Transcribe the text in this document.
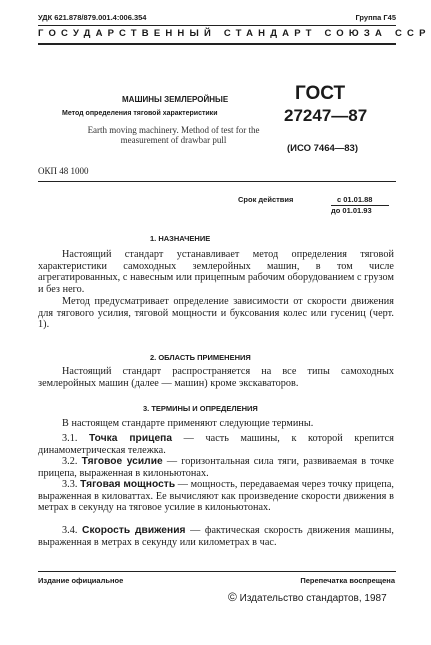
УДК 621.878/879.001.4:006.354	Группа Г45
ГОСУДАРСТВЕННЫЙ СТАНДАРТ СОЮЗА ССР
МАШИНЫ ЗЕМЛЕРОЙНЫЕ
Метод определения тяговой характеристики
Earth moving machinery. Method of test for the measurement of drawbar pull
ГОСТ
27247—87
(ИСО 7464—83)
ОКП 48 1000
Срок действия	с 01.01.88
до 01.01.93
1. НАЗНАЧЕНИЕ

Настоящий стандарт устанавливает метод определения тяговой характеристики самоходных землеройных машин, в том числе агрегатированных, с навесным или прицепным рабочим оборудованием с грузом и без него.

Метод предусматривает определение зависимости от скорости движения для тягового усилия, тяговой мощности и буксования колес или гусениц (черт. 1).

2. ОБЛАСТЬ ПРИМЕНЕНИЯ

Настоящий стандарт распространяется на все типы самоходных землеройных машин (далее — машин) кроме экскаваторов.

3. ТЕРМИНЫ И ОПРЕДЕЛЕНИЯ

В настоящем стандарте применяют следующие термины.

3.1. Точка прицепа — часть машины, к которой крепится динамометрическая тележка.

3.2. Тяговое усилие — горизонтальная сила тяги, развиваемая в точке прицепа, выраженная в килоньютонах.

3.3. Тяговая мощность — мощность, передаваемая через точку прицепа, выраженная в киловаттах. Ее вычисляют как произведение скорости движения в метрах в секунду на тяговое усилие в килоньютонах.

3.4. Скорость движения — фактическая скорость движения машины, выраженная в метрах в секунду или километрах в час.

Издание официальное	Перепечатка воспрещена
© Издательство стандартов, 1987
